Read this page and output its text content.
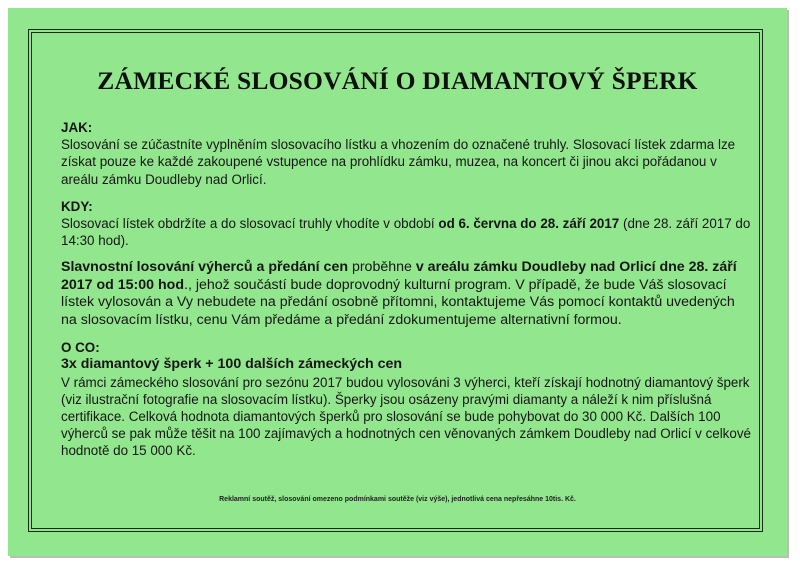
ZÁMECKÉ SLOSOVÁNÍ O DIAMANTOVÝ ŠPERK
JAK:

Slosování se zúčastníte vyplněním slosovacího lístku a vhozením do označené truhly. Slosovací lístek zdarma lze získat pouze ke každé zakoupené vstupence na prohlídku zámku, muzea, na koncert či jinou akci pořádanou v areálu zámku Doudleby nad Orlicí.

KDY:

Slosovací lístek obdržíte a do slosovací truhly vhodíte v období od 6. června do 28. září 2017 (dne 28. září 2017 do 14:30 hod).

Slavnostní losování výherců a předání cen proběhne v areálu zámku Doudleby nad Orlicí dne 28. září 2017 od 15:00 hod., jehož součástí bude doprovodný kulturní program. V případě, že bude Váš slosovací lístek vylosován a Vy nebudete na předání osobně přítomni, kontaktujeme Vás pomocí kontaktů uvedených na slosovacím lístku, cenu Vám předáme a předání zdokumentujeme alternativní formou.

O CO:
3x diamantový šperk + 100 dalších zámeckých cen

V rámci zámeckého slosování pro sezónu 2017 budou vylosováni 3 výherci, kteří získají hodnotný diamantový šperk (viz ilustrační fotografie na slosovacím lístku). Šperky jsou osázeny pravými diamanty a náleží k nim příslušná certifikace. Celková hodnota diamantových šperků pro slosování se bude pohybovat do 30 000 Kč. Dalších 100 výherců se pak může těšit na 100 zajímavých a hodnotných cen věnovaných zámkem Doudleby nad Orlicí v celkové hodnotě do 15 000 Kč.

Reklamní soutěž, slosování omezeno podmínkami soutěže (viz výše), jednotlivá cena nepřesáhne 10tis. Kč.
